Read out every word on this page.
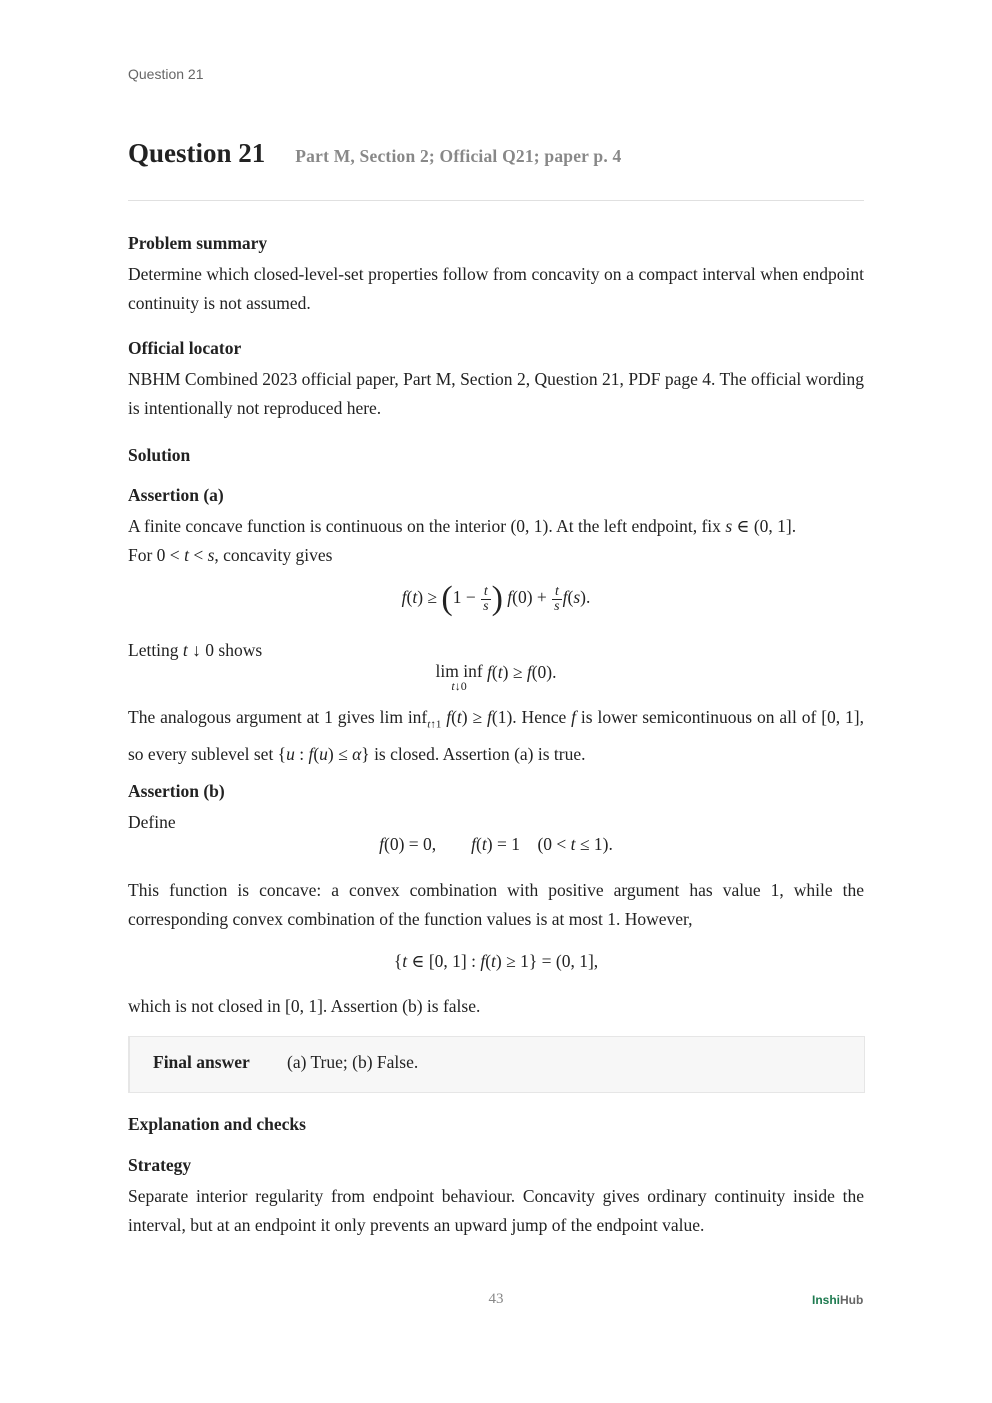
Question 21
Question 21 Part M, Section 2; Official Q21; paper p. 4
Problem summary
Determine which closed-level-set properties follow from concavity on a compact interval when endpoint continuity is not assumed.
Official locator
NBHM Combined 2023 official paper, Part M, Section 2, Question 21, PDF page 4. The official wording is intentionally not reproduced here.
Solution
Assertion (a)
A finite concave function is continuous on the interior (0, 1). At the left endpoint, fix s ∈ (0, 1].
For 0 < t < s, concavity gives
$f(t) \ge (1 - \frac{t}{s}$ ) $f(0) + \frac{t}{s} f(s)$.
Letting t ↓ 0 shows
lim inf
t↓0
f(t) ≥ f(0).
The analogous argument at 1 gives lim inf$_{t↑1}$ f(t) ≥ f(1). Hence f is lower semicontinuous on all of [0, 1], so every sublevel set {u : f(u) ≤ α} is closed. Assertion (a) is true.
Assertion (b)
Define
f(0) = 0,        f(t) = 1    (0 < t ≤ 1).
This function is concave: a convex combination with positive argument has value 1, while the corresponding convex combination of the function values is at most 1. However,
{t ∈ [0, 1] : f(t) ≥ 1} = (0, 1],
which is not closed in [0, 1]. Assertion (b) is false.
Final answer (a) True; (b) False.
Explanation and checks
Strategy
Separate interior regularity from endpoint behaviour. Concavity gives ordinary continuity inside the interval, but at an endpoint it only prevents an upward jump of the endpoint value.
43	InshiHub
